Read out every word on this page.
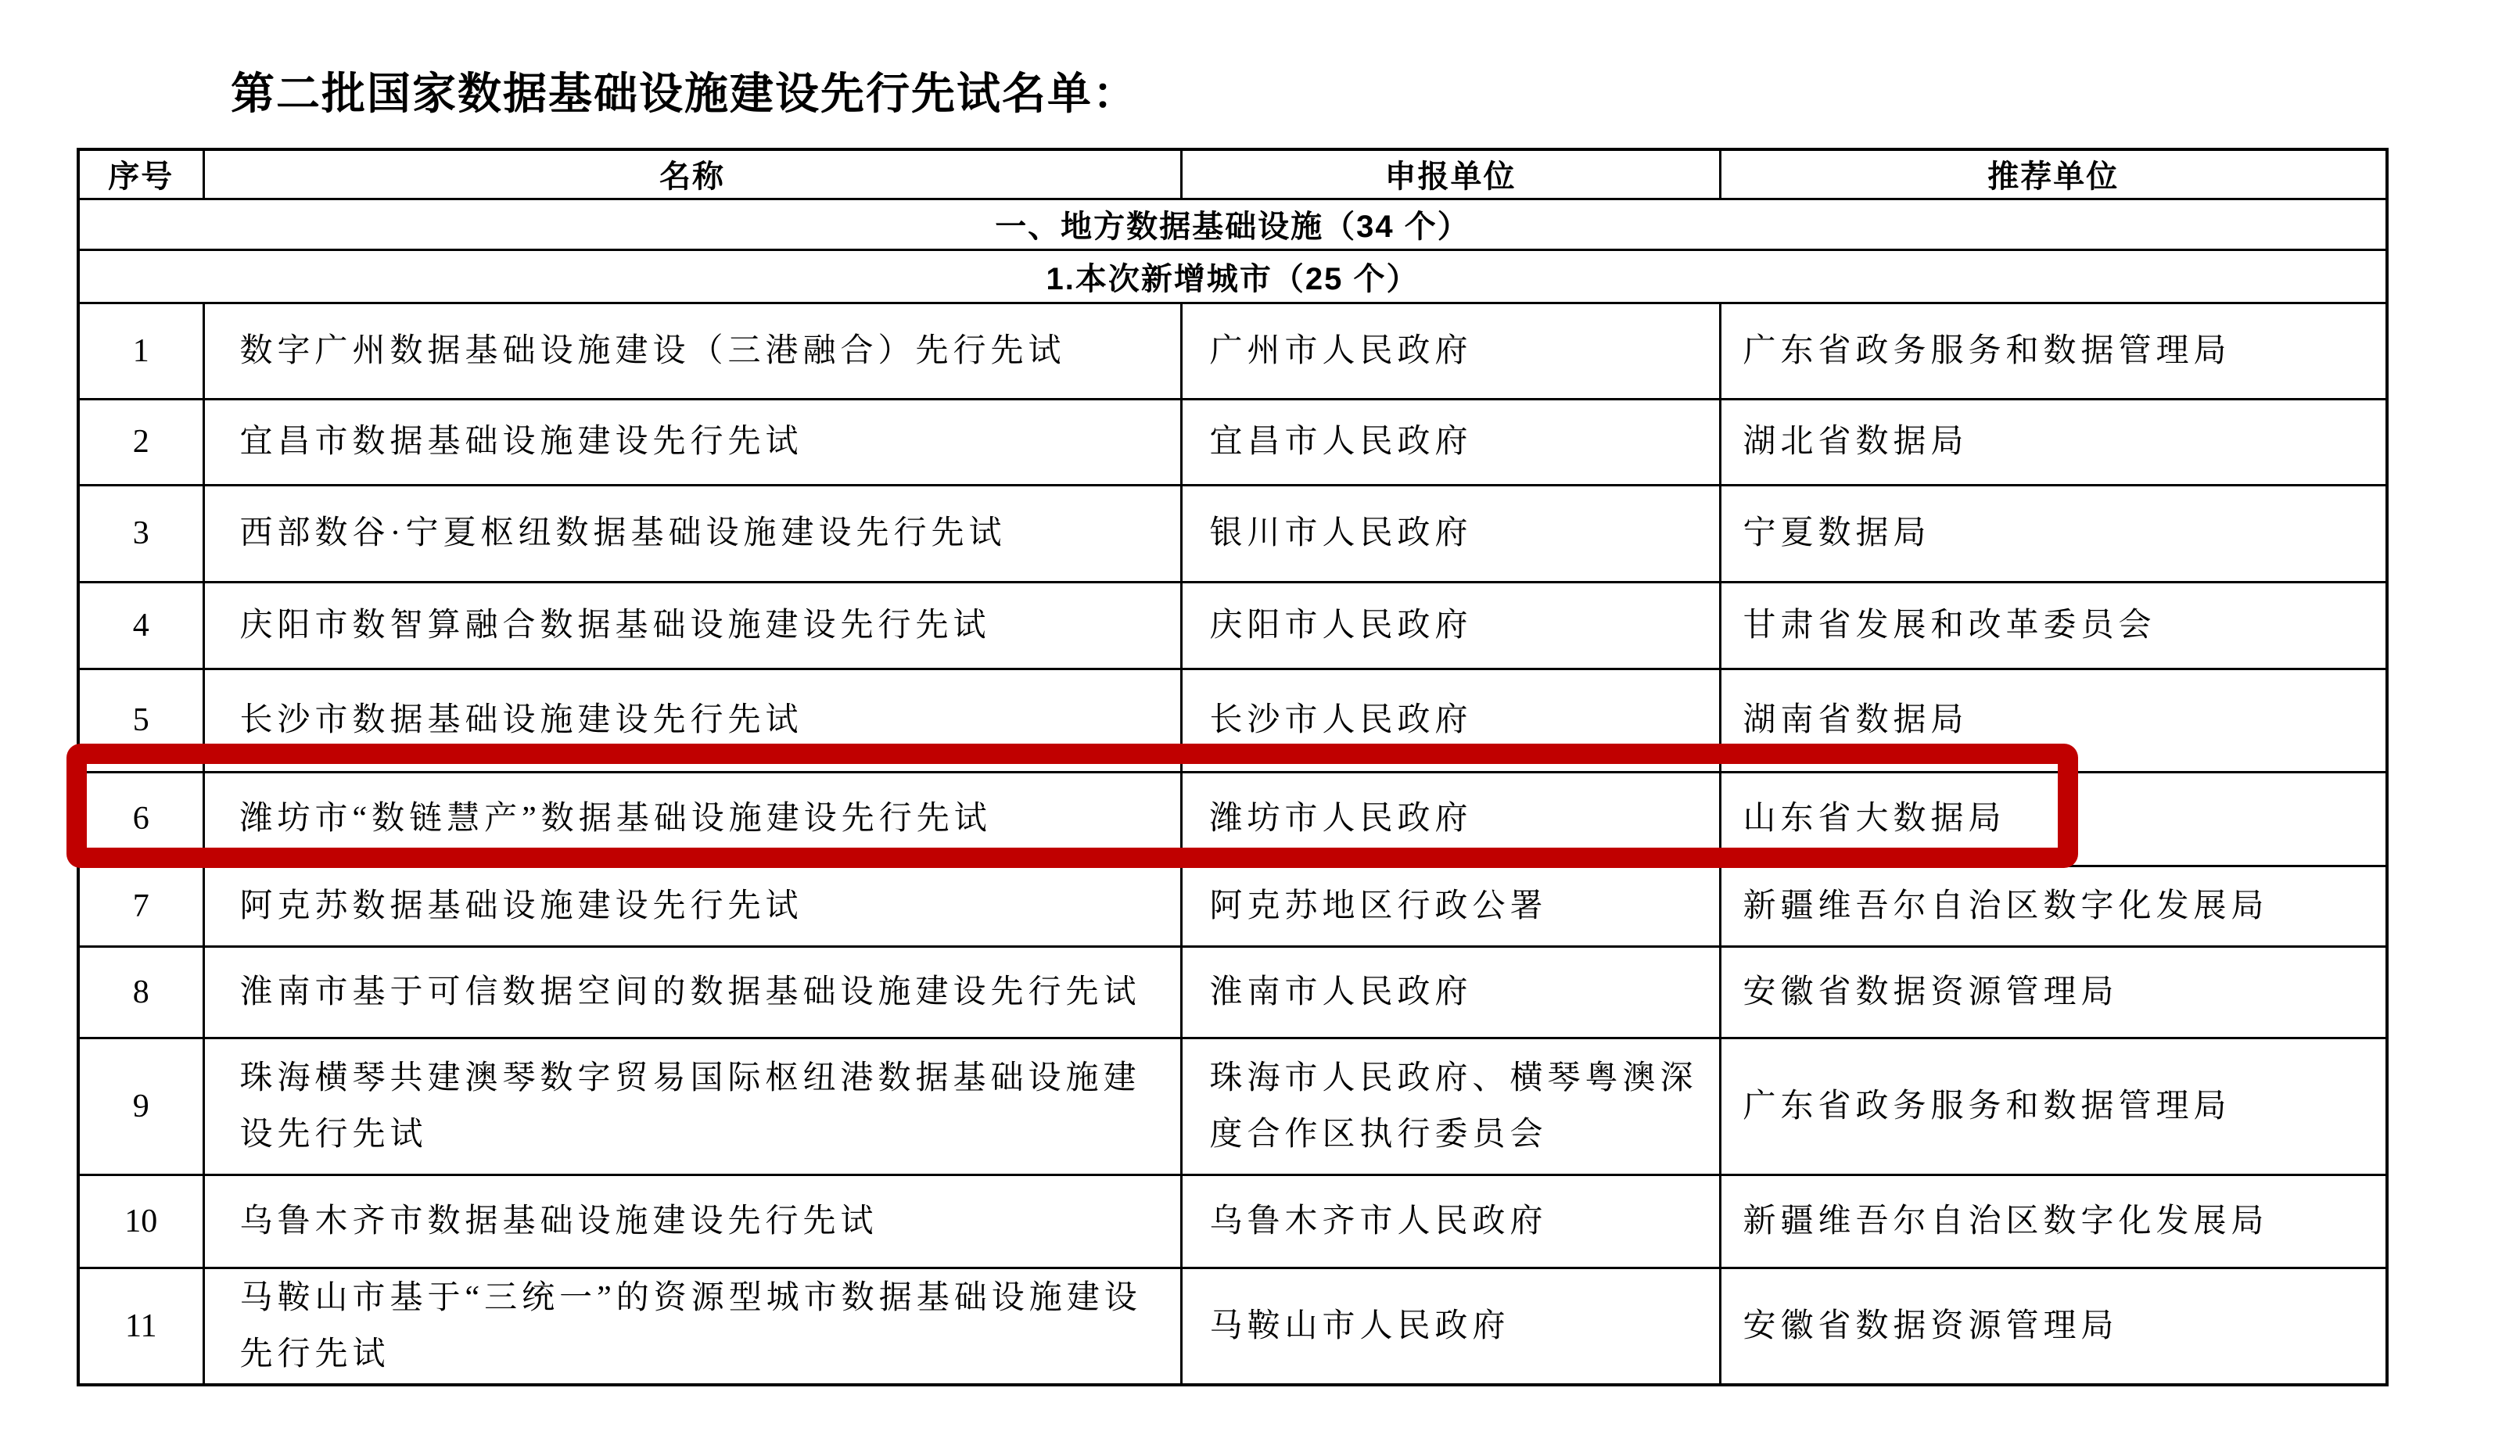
第二批国家数据基础设施建设先行先试名单：
序号	名称	申报单位	推荐单位
一、地方数据基础设施（34 个）			
1.本次新增城市（25 个）			
1	数字广州数据基础设施建设（三港融合）先行先试	广州市人民政府	广东省政务服务和数据管理局
2	宜昌市数据基础设施建设先行先试	宜昌市人民政府	湖北省数据局
3	西部数谷·宁夏枢纽数据基础设施建设先行先试	银川市人民政府	宁夏数据局
4	庆阳市数智算融合数据基础设施建设先行先试	庆阳市人民政府	甘肃省发展和改革委员会
5	长沙市数据基础设施建设先行先试	长沙市人民政府	湖南省数据局
6	潍坊市“数链慧产”数据基础设施建设先行先试	潍坊市人民政府	山东省大数据局
7	阿克苏数据基础设施建设先行先试	阿克苏地区行政公署	新疆维吾尔自治区数字化发展局
8	淮南市基于可信数据空间的数据基础设施建设先行先试	淮南市人民政府	安徽省数据资源管理局
9	珠海横琴共建澳琴数字贸易国际枢纽港数据基础设施建设先行先试	珠海市人民政府、横琴粤澳深度合作区执行委员会	广东省政务服务和数据管理局
10	乌鲁木齐市数据基础设施建设先行先试	乌鲁木齐市人民政府	新疆维吾尔自治区数字化发展局
11	马鞍山市基于“三统一”的资源型城市数据基础设施建设先行先试	马鞍山市人民政府	安徽省数据资源管理局
